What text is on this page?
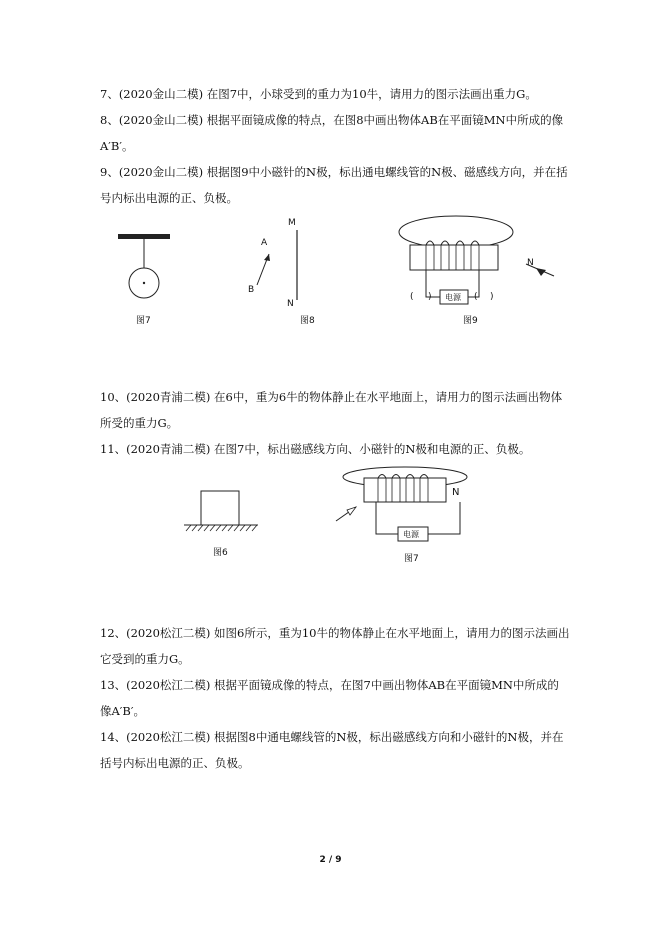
7、(2020金山二模) 在图7中，小球受到的重力为10牛，请用力的图示法画出重力G。
8、(2020金山二模) 根据平面镜成像的特点，在图8中画出物体AB在平面镜MN中所成的像A′B′。
9、(2020金山二模) 根据图9中小磁针的N极，标出通电螺线管的N极、磁感线方向，并在括号内标出电源的正、负极。
图7
M
N
A
B
图8
电源
( )	( )
N
图9
10、(2020青浦二模) 在6中，重为6牛的物体静止在水平地面上，请用力的图示法画出物体所受的重力G。
11、(2020青浦二模) 在图7中，标出磁感线方向、小磁针的N极和电源的正、负极。
图6
N
电源
图7
12、(2020松江二模) 如图6所示，重为10牛的物体静止在水平地面上，请用力的图示法画出它受到的重力G。
13、(2020松江二模) 根据平面镜成像的特点，在图7中画出物体AB在平面镜MN中所成的像A′B′。
14、(2020松江二模) 根据图8中通电螺线管的N极，标出磁感线方向和小磁针的N极，并在括号内标出电源的正、负极。
2 / 9
